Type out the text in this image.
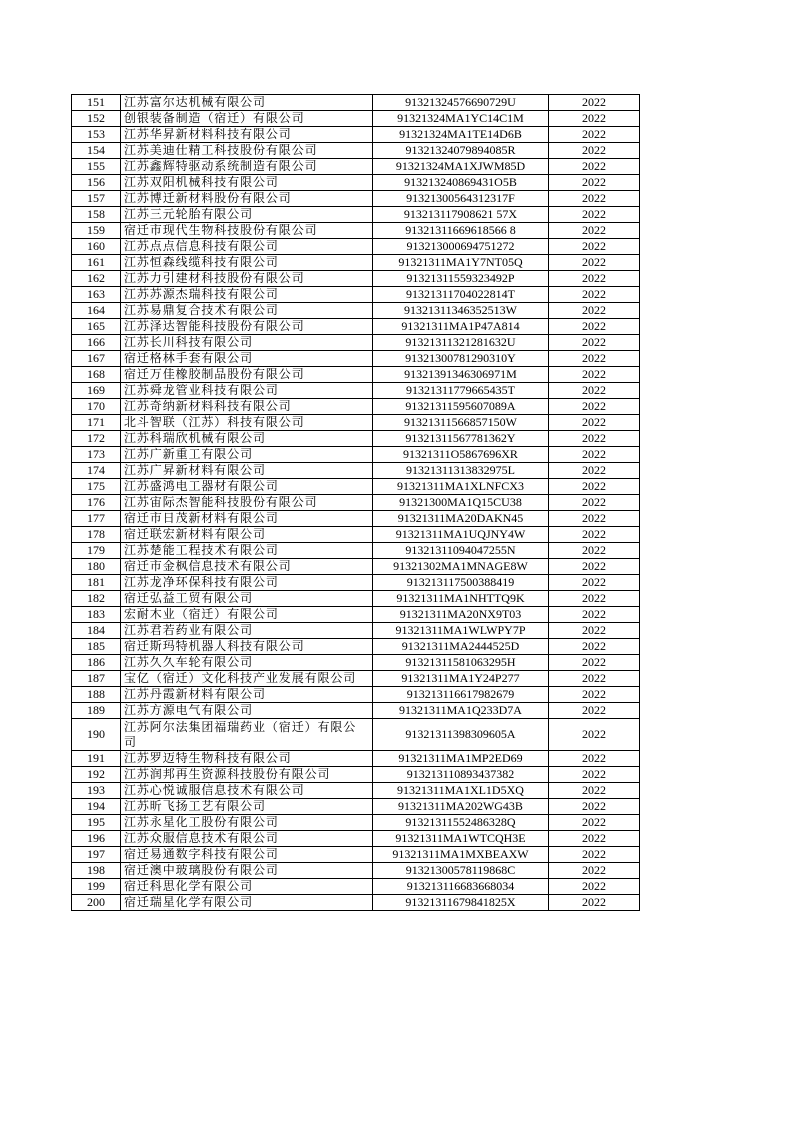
151	江苏富尔达机械有限公司	91321324576690729U	2022
152	创银装备制造（宿迁）有限公司	91321324MA1YC14C1M	2022
153	江苏华昇新材料科技有限公司	91321324MA1TE14D6B	2022
154	江苏美迪仕精工科技股份有限公司	91321324079894085R	2022
155	江苏鑫辉特驱动系统制造有限公司	91321324MA1XJWM85D	2022
156	江苏双阳机械科技有限公司	913213240869431O5B	2022
157	江苏博迁新材料股份有限公司	91321300564312317F	2022
158	江苏三元轮胎有限公司	913213117908621 57X	2022
159	宿迁市现代生物科技股份有限公司	91321311669618566 8	2022
160	江苏点点信息科技有限公司	913213000694751272	2022
161	江苏恒森线缆科技有限公司	91321311MA1Y7NT05Q	2022
162	江苏力引建材科技股份有限公司	91321311559323492P	2022
163	江苏苏源杰瑞科技有限公司	91321311704022814T	2022
164	江苏易鼎复合技术有限公司	91321311346352513W	2022
165	江苏泽达智能科技股份有限公司	91321311MA1P47A814	2022
166	江苏长川科技有限公司	91321311321281632U	2022
167	宿迁格林手套有限公司	91321300781290310Y	2022
168	宿迁万佳橡胶制品股份有限公司	91321391346306971M	2022
169	江苏舜龙管业科技有限公司	91321311779665435T	2022
170	江苏奇纳新材料科技有限公司	91321311595607089A	2022
171	北斗智联（江苏）科技有限公司	91321311566857150W	2022
172	江苏科瑞欣机械有限公司	91321311567781362Y	2022
173	江苏广新重工有限公司	91321311O5867696XR	2022
174	江苏广昇新材料有限公司	91321311313832975L	2022
175	江苏盛鸿电工器材有限公司	91321311MA1XLNFCX3	2022
176	江苏宙际杰智能科技股份有限公司	91321300MA1Q15CU38	2022
177	宿迁市日茂新材料有限公司	91321311MA20DAKN45	2022
178	宿迁联宏新材料有限公司	91321311MA1UQJNY4W	2022
179	江苏楚能工程技术有限公司	91321311094047255N	2022
180	宿迁市金枫信息技术有限公司	91321302MA1MNAGE8W	2022
181	江苏龙净环保科技有限公司	913213117500388419	2022
182	宿迁弘益工贸有限公司	91321311MA1NHTTQ9K	2022
183	宏耐木业（宿迁）有限公司	91321311MA20NX9T03	2022
184	江苏君若药业有限公司	91321311MA1WLWPY7P	2022
185	宿迁斯玛特机器人科技有限公司	91321311MA2444525D	2022
186	江苏久久车轮有限公司	91321311581063295H	2022
187	宝亿（宿迁）文化科技产业发展有限公司	91321311MA1Y24P277	2022
188	江苏丹霞新材料有限公司	913213116617982679	2022
189	江苏方源电气有限公司	91321311MA1Q233D7A	2022
190	江苏阿尔法集团福瑞药业（宿迁）有限公司	91321311398309605A	2022
191	江苏罗迈特生物科技有限公司	91321311MA1MP2ED69	2022
192	江苏润邦再生资源科技股份有限公司	913213110893437382	2022
193	江苏心悦诚服信息技术有限公司	91321311MA1XL1D5XQ	2022
194	江苏昕飞扬工艺有限公司	91321311MA202WG43B	2022
195	江苏永星化工股份有限公司	91321311552486328Q	2022
196	江苏众服信息技术有限公司	91321311MA1WTCQH3E	2022
197	宿迁易通数字科技有限公司	91321311MA1MXBEAXW	2022
198	宿迁澳中玻璃股份有限公司	91321300578119868C	2022
199	宿迁科思化学有限公司	913213116683668034	2022
200	宿迁瑞星化学有限公司	91321311679841825X	2022
